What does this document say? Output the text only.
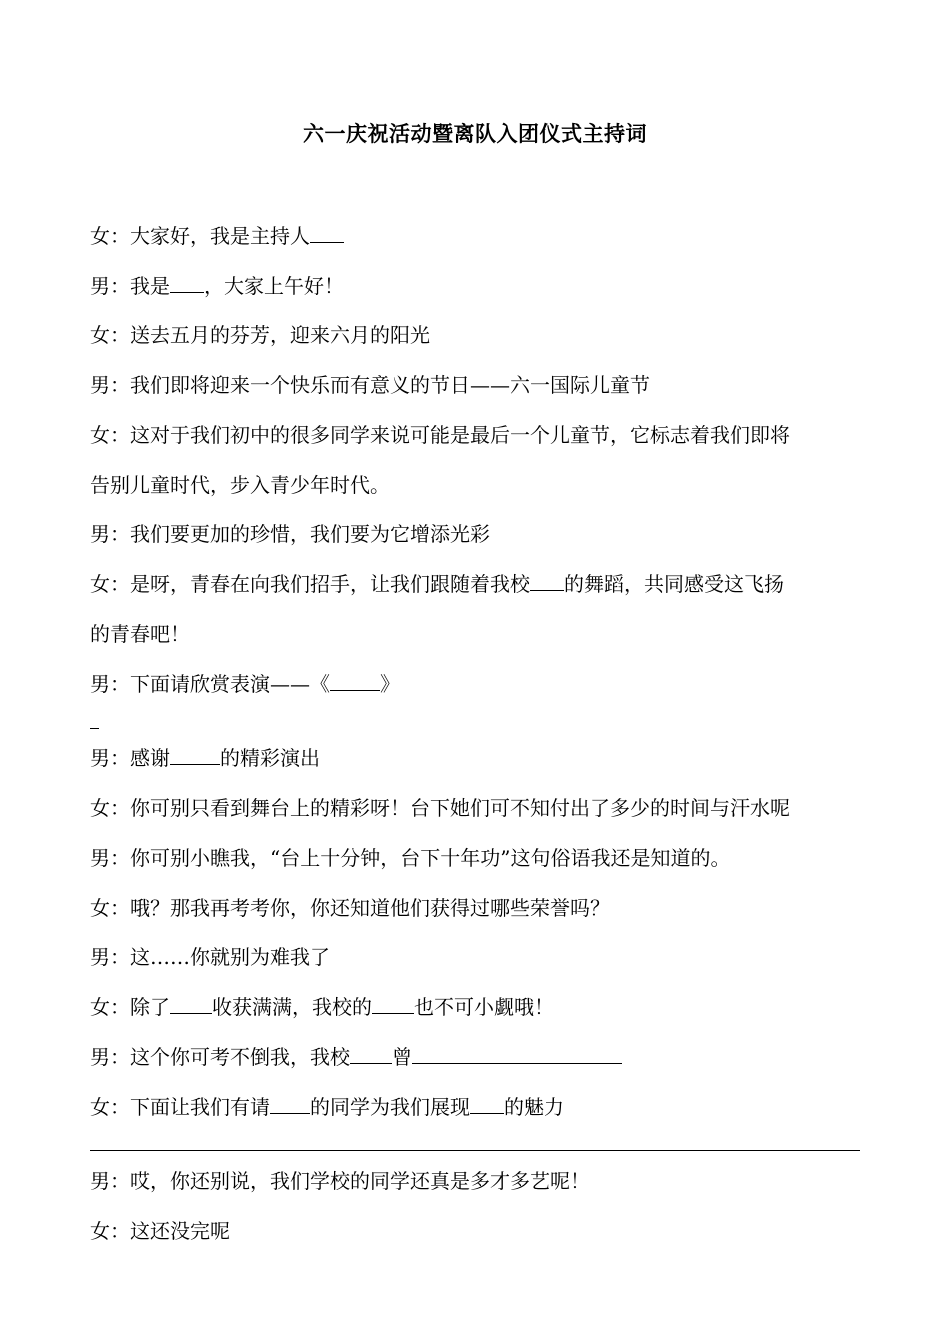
六一庆祝活动暨离队入团仪式主持词
女：大家好，我是主持人
男：我是 ，大家上午好！
女：送去五月的芬芳，迎来六月的阳光
男：我们即将迎来一个快乐而有意义的节日——六一国际儿童节
女：这对于我们初中的很多同学来说可能是最后一个儿童节，它标志着我们即将
告别儿童时代，步入青少年时代。
男：我们要更加的珍惜，我们要为它增添光彩
女：是呀，青春在向我们招手，让我们跟随着我校 的舞蹈，共同感受这飞扬
的青春吧！
男：下面请欣赏表演——《	》
男：感谢	的精彩演出
女：你可别只看到舞台上的精彩呀！台下她们可不知付出了多少的时间与汗水呢
男：你可别小瞧我，“台上十分钟，台下十年功”这句俗语我还是知道的。
女：哦？那我再考考你，你还知道他们获得过哪些荣誉吗？
男：这……你就别为难我了
女：除了 收获满满，我校的 也不可小觑哦！
男：这个你可考不倒我，我校 曾
女：下面让我们有请 的同学为我们展现 的魅力
男：哎，你还别说，我们学校的同学还真是多才多艺呢！
女：这还没完呢
